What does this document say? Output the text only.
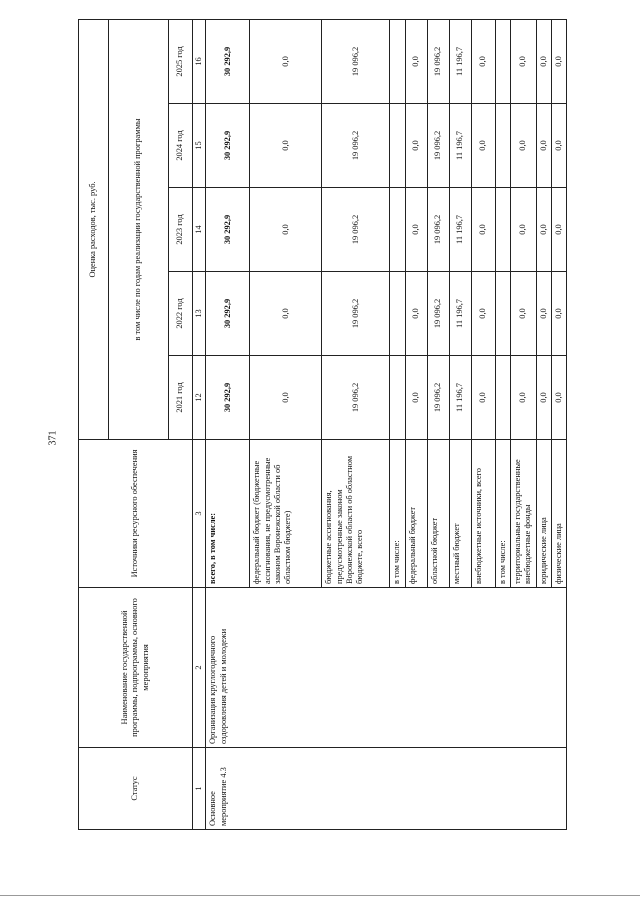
371
Статус	Наименование государственной программы, подпрограммы, основного мероприятия	Источники ресурсного обеспечения	Оценка расходов, тыс. руб.				
			в том числе по годам реализации государственной программы				
			2021 год	2022 год	2023 год	2024 год	2025 год
1	2	3	12	13	14	15	16
Основное мероприятие 4.3	Организация круглогодичного оздоровления детей и молодежи	всего, в том числе:	30 292,9	30 292,9	30 292,9	30 292,9	30 292,9
		федеральный бюджет (бюджетные ассигнования, не предусмотренные законом Воронежской области об областном бюджете)	0,0	0,0	0,0	0,0	0,0
		бюджетные ассигнования, предусмотренные законом Воронежской области об областном бюджете, всего	19 096,2	19 096,2	19 096,2	19 096,2	19 096,2
		в том числе:					
		федеральный бюджет	0,0	0,0	0,0	0,0	0,0
		областной бюджет	19 096,2	19 096,2	19 096,2	19 096,2	19 096,2
		местный бюджет	11 196,7	11 196,7	11 196,7	11 196,7	11 196,7
		внебюджетные источники, всего	0,0	0,0	0,0	0,0	0,0
		в том числе:					
		территориальные государственные внебюджетные фонды	0,0	0,0	0,0	0,0	0,0
		юридические лица	0,0	0,0	0,0	0,0	0,0
		физические лица	0,0	0,0	0,0	0,0	0,0
